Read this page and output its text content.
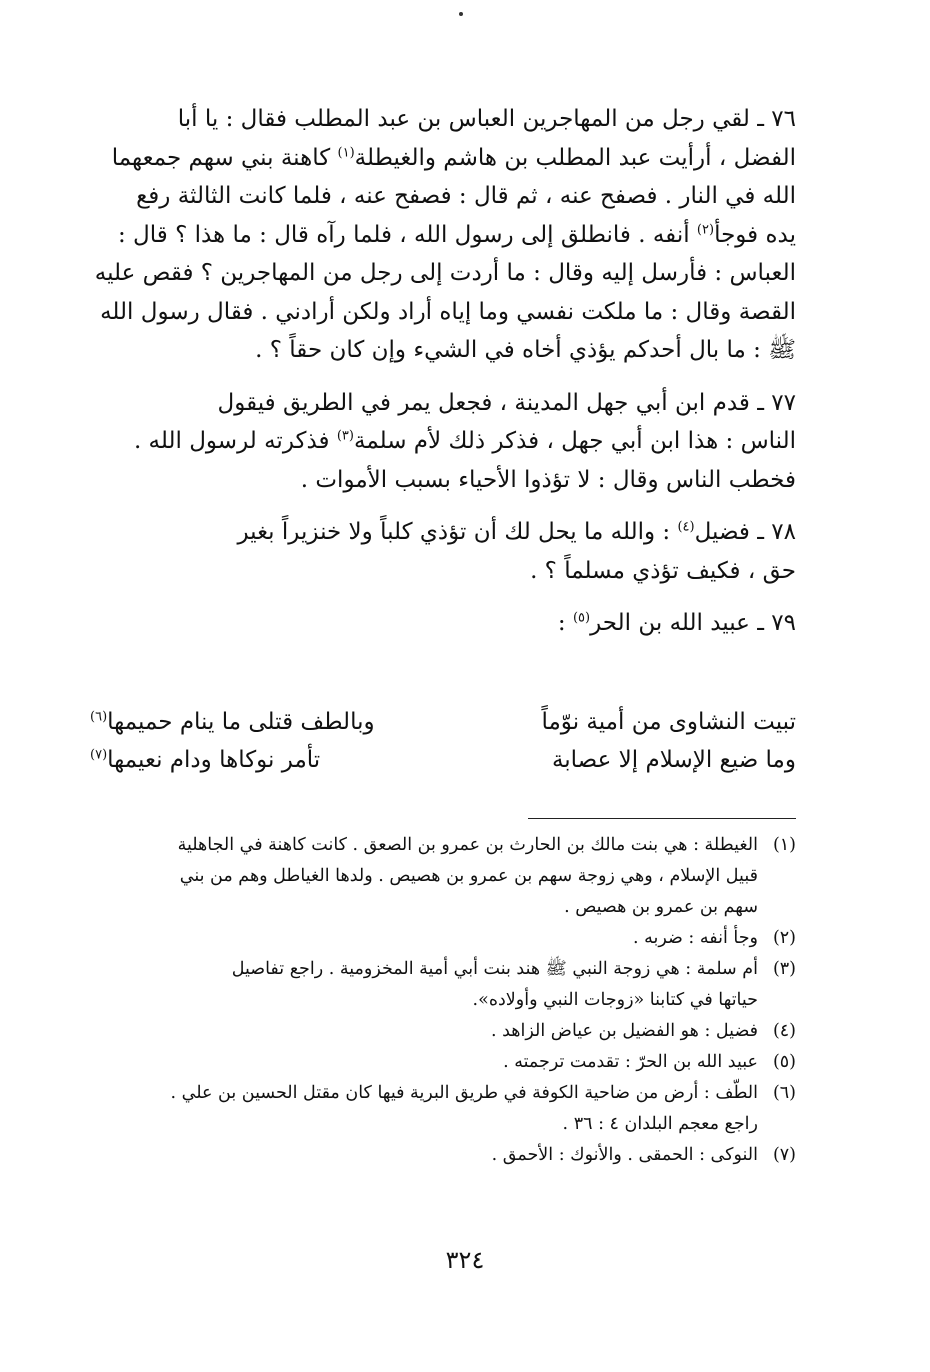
٧٦ ـ لقي رجل من المهاجرين العباس بن عبد المطلب فقال : يا أبا
الفضل ، أرأيت عبد المطلب بن هاشم والغيطلة$^{(١)}$ كاهنة بني سهم جمعهما
الله في النار . فصفح عنه ، ثم قال : فصفح عنه ، فلما كانت الثالثة رفع
يده فوجأ$^{(٢)}$ أنفه . فانطلق إلى رسول الله ، فلما رآه قال : ما هذا ؟ قال :
العباس : فأرسل إليه وقال : ما أردت إلى رجل من المهاجرين ؟ فقص عليه
القصة وقال : ما ملكت نفسي وما إياه أراد ولكن أرادني . فقال رسول الله
ﷺ : ما بال أحدكم يؤذي أخاه في الشيء وإن كان حقاً ؟ .

٧٧ ـ قدم ابن أبي جهل المدينة ، فجعل يمر في الطريق فيقول
الناس : هذا ابن أبي جهل ، فذكر ذلك لأم سلمة$^{(٣)}$ فذكرته لرسول الله .
فخطب الناس وقال : لا تؤذوا الأحياء بسبب الأموات .

٧٨ ـ فضيل$^{(٤)}$ : والله ما يحل لك أن تؤذي كلباً ولا خنزيراً بغير
حق ، فكيف تؤذي مسلماً ؟ .

٧٩ ـ عبيد الله بن الحر$^{(٥)}$ :

تبيت النشاوى من أمية نوّماً
وبالطف قتلى ما ينام حميمها$^{(٦)}$
وما ضيع الإسلام إلا عصابة
تأمر نوكاها ودام نعيمها$^{(٧)}$
(١)
الغيطلة : هي بنت مالك بن الحارث بن عمرو بن الصعق . كانت كاهنة في الجاهلية
قبيل الإسلام ، وهي زوجة سهم بن عمرو بن هصيص . ولدها الغياطل وهم من بني
سهم بن عمرو بن هصيص .
(٢)
وجأ أنفه : ضربه .
(٣)
أم سلمة : هي زوجة النبي ﷺ هند بنت أبي أمية المخزومية . راجع تفاصيل
حياتها في كتابنا «زوجات النبي وأولاده».
(٤)
فضيل : هو الفضيل بن عياض الزاهد .
(٥)
عبيد الله بن الحرّ : تقدمت ترجمته .
(٦)
الطّف : أرض من ضاحية الكوفة في طريق البرية فيها كان مقتل الحسين بن علي .
راجع معجم البلدان ٤ : ٣٦ .
(٧)
النوكى : الحمقى . والأنوك : الأحمق .
٣٢٤
